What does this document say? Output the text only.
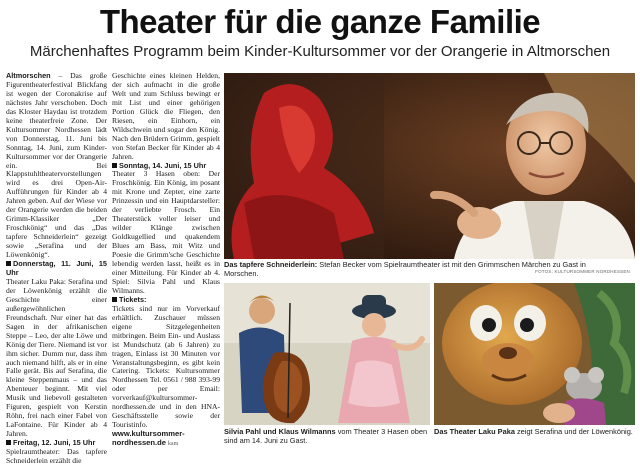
Theater für die ganze Familie
Märchenhaftes Programm beim Kinder-Kultursommer vor der Orangerie in Altmorschen

Altmorschen – Das große Figurentheaterfestival Blickfang ist wegen der Coronakrise auf nächstes Jahr verschoben. Doch das Kloster Haydau ist trotzdem keine theaterfreie Zone. Der Kultursommer Nordhessen lädt von Donnerstag, 11. Juni bis Sonntag, 14. Juni, zum Kinder-Kultursommer vor der Orangerie ein. Bei Klappstuhltheatervorstellungen wird es drei Open-Air-Aufführungen für Kinder ab 4 Jahren geben. Auf der Wiese vor der Orangerie werden die beiden Grimm-Klassiker „Der Froschkönig“ und das „Das tapfere Schneiderlein“ gezeigt sowie „Serafina und der Löwenkönig“.

Donnerstag, 11. Juni, 15 Uhr

Theater Laku Paka: Serafina und der Löwenkönig erzählt die Geschichte einer außergewöhnlichen Freundschaft. Nur einer hat das Sagen in der afrikanischen Steppe – Leo, der alte Löwe und König der Tiere. Niemand ist vor ihm sicher. Dumm nur, dass ihm auch niemand hilft, als er in eine Falle gerät. Bis auf Serafina, die kleine Steppenmaus – und das Abenteuer beginnt. Mit viel Musik und liebevoll gestalteten Figuren, gespielt von Kerstin Röhn, frei nach einer Fabel von LaFontaine. Für Kinder ab 4 Jahren.

Freitag, 12. Juni, 15 Uhr

Spielraumtheater: Das tapfere Schneiderlein erzählt die

Geschichte eines kleinen Helden, der sich aufmacht in die große Welt und zum Schluss bewingt er mit List und einer gehörigen Portion Glück die Fliegen, den Riesen, ein Einhorn, ein Wildschwein und sogar den König. Nach den Brüdern Grimm, gespielt von Stefan Becker für Kinder ab 4 Jahren.

Sonntag, 14. Juni, 15 Uhr

Theater 3 Hasen oben: Der Froschkönig. Ein König, im posant mit Krone und Zepter, eine zarte Prinzessin und ein Hauptdarsteller: der verliebte Frosch. Ein Theaterstück voller leiser und wilder Klänge zwischen Goldkugellied und quakendem Blues am Bass, mit Witz und Poesie die Grimm'sche Geschichte lebendig werden lasst, heißt es in einer Mitteilung. Für Kinder ab 4. Spiel: Silvia Pahl und Klaus Wilmanns.

Tickets:

Tickets sind nur im Vorverkauf erhältlich. Zuschauer müssen eigene Sitzgelegenheiten mitbringen. Beim Ein- und Auslass ist Mundschutz (ab 6 Jahren) zu tragen, Einlass ist 30 Minuten vor Veranstaltungsbeginn, es gibt kein Catering. Tickets: Kultursommer Nordhessen Tel. 0561 / 988 393-99 oder per Email: vorverkauf@kultursommer-nordhessen.de und in den HNA-Geschäftsstelle sowie der Touristinfo. www.kultursommer-nordhessen.de kam

Das tapfere Schneiderlein: Stefan Becker vom Spielraumtheater ist mit den Grimmschen Märchen zu Gast in Morschen.	FOTOS: KULTURSOMMER NORDHESSEN
Silvia Pahl und Klaus Wilmanns vom Theater 3 Hasen oben sind am 14. Juni zu Gast.
Das Theater Laku Paka zeigt Serafina und der Löwenkönig.
